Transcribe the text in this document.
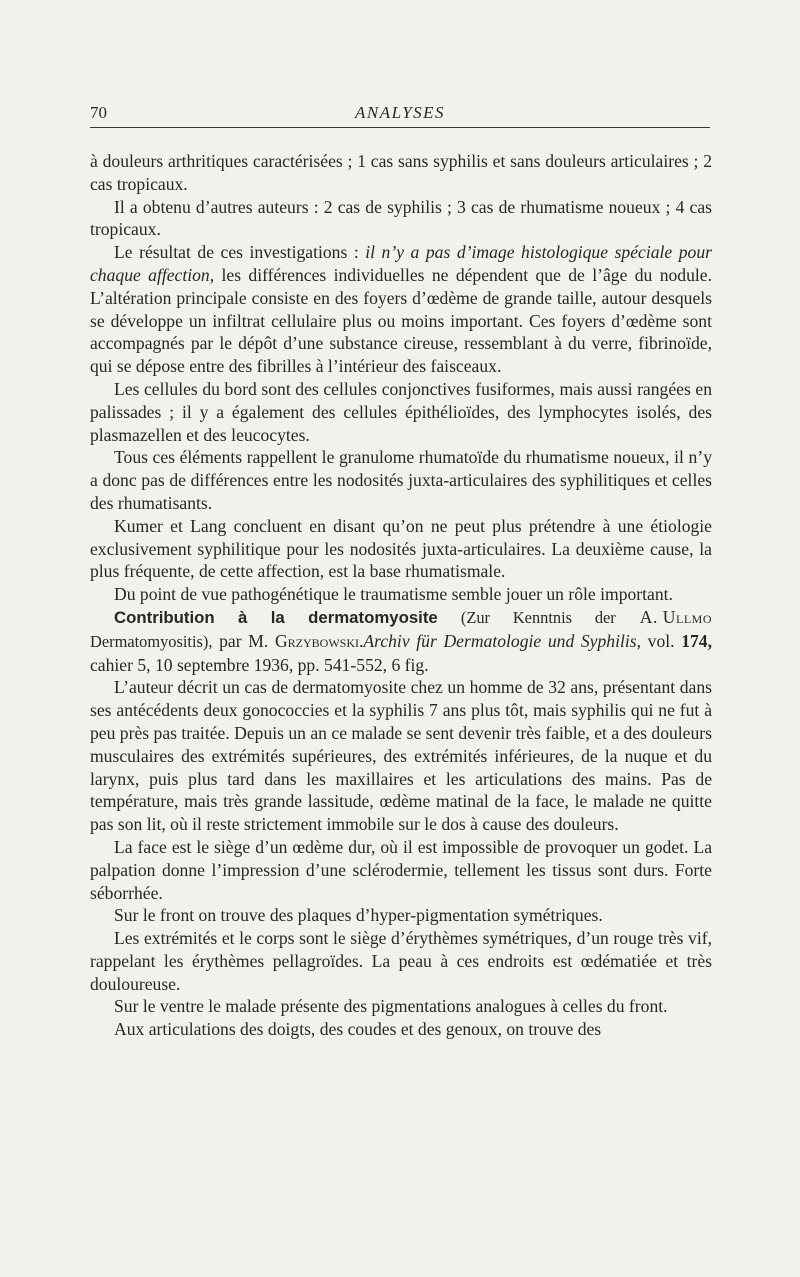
70	ANALYSES

à douleurs arthritiques caractérisées ; 1 cas sans syphilis et sans douleurs articulaires ; 2 cas tropicaux.

Il a obtenu d’autres auteurs : 2 cas de syphilis ; 3 cas de rhumatisme noueux ; 4 cas tropicaux.

Le résultat de ces investigations : il n’y a pas d’image histologique spéciale pour chaque affection, les différences individuelles ne dépendent que de l’âge du nodule. L’altération principale consiste en des foyers d’œdème de grande taille, autour desquels se développe un infiltrat cellulaire plus ou moins important. Ces foyers d’œdème sont accompagnés par le dépôt d’une substance cireuse, ressemblant à du verre, fibrinoïde, qui se dépose entre des fibrilles à l’intérieur des faisceaux.

Les cellules du bord sont des cellules conjonctives fusiformes, mais aussi rangées en palissades ; il y a également des cellules épithélioïdes, des lymphocytes isolés, des plasmazellen et des leucocytes.

Tous ces éléments rappellent le granulome rhumatoïde du rhumatisme noueux, il n’y a donc pas de différences entre les nodosités juxta-articulaires des syphilitiques et celles des rhumatisants.

Kumer et Lang concluent en disant qu’on ne peut plus prétendre à une étiologie exclusivement syphilitique pour les nodosités juxta-articulaires. La deuxième cause, la plus fréquente, de cette affection, est la base rhumatismale.

Du point de vue pathogénétique le traumatisme semble jouer un rôle important.
A. Ullmo

Contribution à la dermatomyosite (Zur Kenntnis der Dermatomyositis), par M. Grzybowski.Archiv für Dermatologie und Syphilis, vol. 174, cahier 5, 10 septembre 1936, pp. 541-552, 6 fig.

L’auteur décrit un cas de dermatomyosite chez un homme de 32 ans, présentant dans ses antécédents deux gonococcies et la syphilis 7 ans plus tôt, mais syphilis qui ne fut à peu près pas traitée. Depuis un an ce malade se sent devenir très faible, et a des douleurs musculaires des extrémités supérieures, des extrémités inférieures, de la nuque et du larynx, puis plus tard dans les maxillaires et les articulations des mains. Pas de température, mais très grande lassitude, œdème matinal de la face, le malade ne quitte pas son lit, où il reste strictement immobile sur le dos à cause des douleurs.

La face est le siège d’un œdème dur, où il est impossible de provoquer un godet. La palpation donne l’impression d’une sclérodermie, tellement les tissus sont durs. Forte séborrhée.

Sur le front on trouve des plaques d’hyper-pigmentation symétriques.

Les extrémités et le corps sont le siège d’érythèmes symétriques, d’un rouge très vif, rappelant les érythèmes pellagroïdes. La peau à ces endroits est œdématiée et très douloureuse.

Sur le ventre le malade présente des pigmentations analogues à celles du front.

Aux articulations des doigts, des coudes et des genoux, on trouve des
